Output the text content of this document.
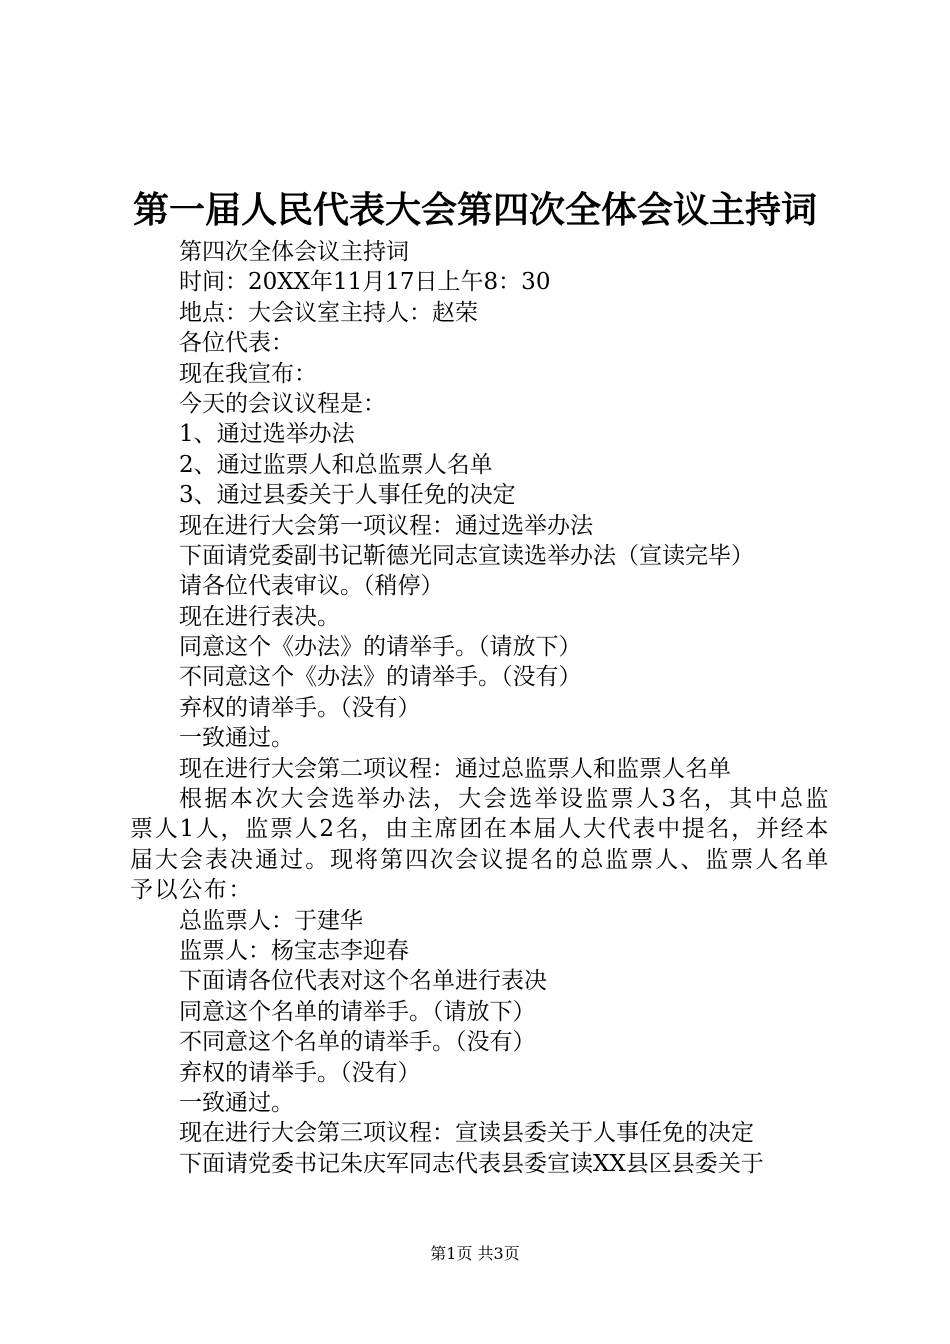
第一届人民代表大会第四次全体会议主持词

第四次全体会议主持词

时间：20XX年11月17日上午8：30

地点：大会议室主持人：赵荣

各位代表：

现在我宣布：

今天的会议议程是：

1、通过选举办法

2、通过监票人和总监票人名单

3、通过县委关于人事任免的决定

现在进行大会第一项议程：通过选举办法

下面请党委副书记靳德光同志宣读选举办法（宣读完毕）

请各位代表审议。（稍停）

现在进行表决。

同意这个《办法》的请举手。（请放下）

不同意这个《办法》的请举手。（没有）

弃权的请举手。（没有）

一致通过。

现在进行大会第二项议程：通过总监票人和监票人名单

根据本次大会选举办法，大会选举设监票人3名，其中总监票人1人，监票人2名，由主席团在本届人大代表中提名，并经本届大会表决通过。现将第四次会议提名的总监票人、监票人名单予以公布：

总监票人：于建华

监票人：杨宝志李迎春

下面请各位代表对这个名单进行表决

同意这个名单的请举手。（请放下）

不同意这个名单的请举手。（没有）

弃权的请举手。（没有）

一致通过。

现在进行大会第三项议程：宣读县委关于人事任免的决定

下面请党委书记朱庆军同志代表县委宣读XX县区县委关于

第1页 共3页
